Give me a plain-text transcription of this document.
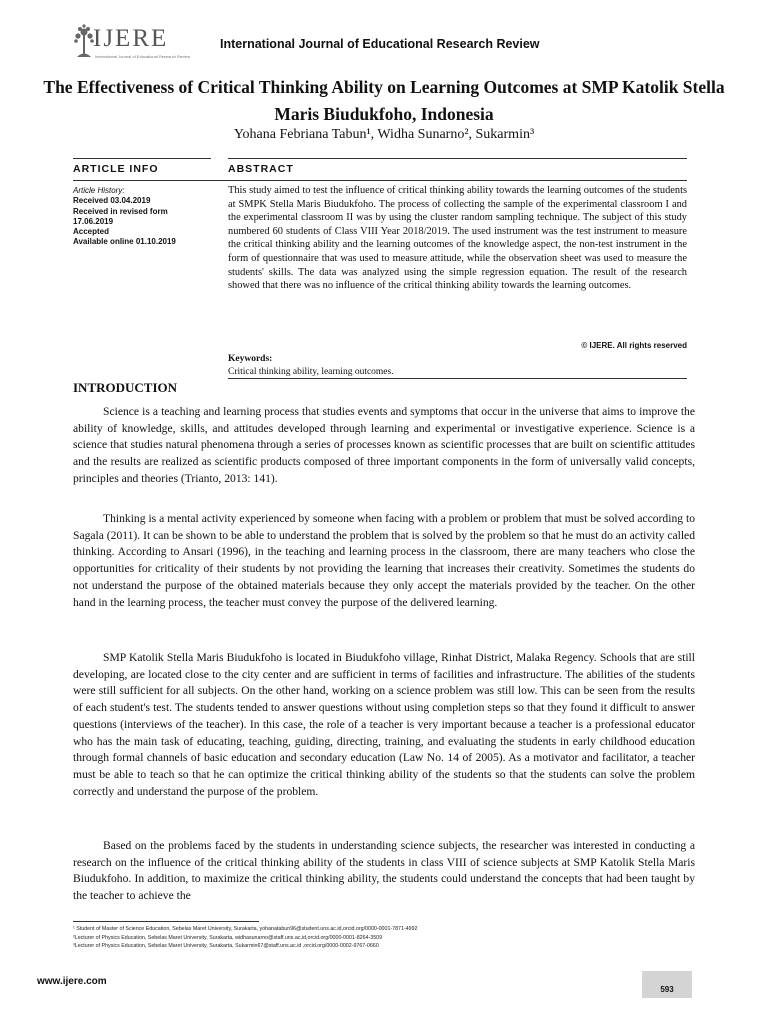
IJERE
International Journal of Educational Research Review
International Journal of Educational Research Review
The Effectiveness of Critical Thinking Ability on Learning Outcomes at SMP Katolik Stella Maris Biudukfoho, Indonesia
Yohana Febriana Tabun¹, Widha Sunarno², Sukarmin³
ARTICLE INFO	ABSTRACT
Article History:
Received 03.04.2019
Received in revised form
17.06.2019
Accepted
Available online 01.10.2019

This study aimed to test the influence of critical thinking ability towards the learning outcomes of the students at SMPK Stella Maris Biudukfoho. The process of collecting the sample of the experimental classroom I and the experimental classroom II was by using the cluster random sampling technique. The subject of this study numbered 60 students of Class VIII Year 2018/2019. The used instrument was the test instrument to measure the critical thinking ability and the learning outcomes of the knowledge aspect, the non-test instrument in the form of questionnaire that was used to measure attitude, while the observation sheet was used to measure the students' skills. The data was analyzed using the simple regression equation. The result of the research showed that there was no influence of the critical thinking ability towards the learning outcomes.

© IJERE. All rights reserved
Keywords:
Critical thinking ability, learning outcomes.
INTRODUCTION

Science is a teaching and learning process that studies events and symptoms that occur in the universe that aims to improve the ability of knowledge, skills, and attitudes developed through learning and experimental or investigative experience. Science is a science that studies natural phenomena through a series of processes known as scientific processes that are built on scientific attitudes and the results are realized as scientific products composed of three important components in the form of universally valid concepts, principles and theories (Trianto, 2013: 141).

Thinking is a mental activity experienced by someone when facing with a problem or problem that must be solved according to Sagala (2011). It can be shown to be able to understand the problem that is solved by the problem so that he must do an activity called thinking. According to Ansari (1996), in the teaching and learning process in the classroom, there are many teachers who close the opportunities for criticality of their students by not providing the learning that increases their creativity. Sometimes the students do not understand the purpose of the obtained materials because they only accept the materials provided by the teacher. On the other hand in the learning process, the teacher must convey the purpose of the delivered learning.

SMP Katolik Stella Maris Biudukfoho is located in Biudukfoho village, Rinhat District, Malaka Regency. Schools that are still developing, are located close to the city center and are sufficient in terms of facilities and infrastructure. The abilities of the students were still sufficient for all subjects. On the other hand, working on a science problem was still low. This can be seen from the results of each student's test. The students tended to answer questions without using completion steps so that they found it difficult to answer questions (interviews of the teacher). In this case, the role of a teacher is very important because a teacher is a professional educator who has the main task of educating, teaching, guiding, directing, training, and evaluating the students in early childhood education through formal channels of basic education and secondary education (Law No. 14 of 2005). As a motivator and facilitator, a teacher must be able to teach so that he can optimize the critical thinking ability of the students so that the students can solve the problem correctly and understand the purpose of the problem.

Based on the problems faced by the students in understanding science subjects, the researcher was interested in conducting a research on the influence of the critical thinking ability of the students in class VIII of science subjects at SMP Katolik Stella Maris Biudukfoho. In addition, to maximize the critical thinking ability, the students could understand the concepts that had been taught by the teacher to achieve the

¹ Student of Master of Science Education, Sebelas Maret University, Surakarta, yohanatabun96@student.uns.ac.id,orcid.org/0000-0001-7871-4992
²Lecturer of Physics Education, Sebelas Maret University, Surakarta, widhasunarno@staff.uns.ac.id,orcid.org/0000-0001-8264-3509
³Lecturer of Physics Education, Sebelas Maret University, Surakarta, Sukarmin67@staff.uns.ac.id ,orcid.org/0000-0002-9767-0660
www.ijere.com
593
